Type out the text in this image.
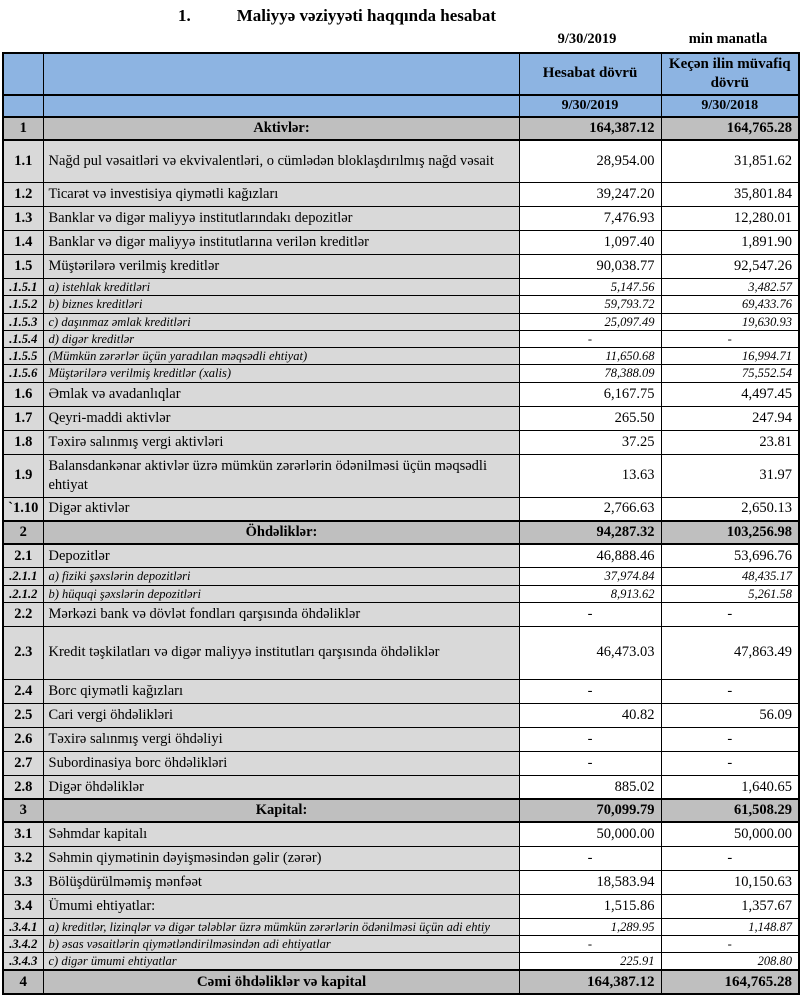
1.	Maliyyə vəziyyəti haqqında hesabat
9/30/2019	min manatla
		Hesabat dövrü	Keçən ilin müvafiq dövrü
		9/30/2019	9/30/2018
1	Aktivlər:	164,387.12	164,765.28
1.1	Nağd pul vəsaitləri və ekvivalentləri, o cümlədən bloklaşdırılmış nağd vəsait	28,954.00	31,851.62
1.2	Ticarət və investisiya qiymətli kağızları	39,247.20	35,801.84
1.3	Banklar və digər maliyyə institutlarındakı depozitlər	7,476.93	12,280.01
1.4	Banklar və digər maliyyə institutlarına verilən kreditlər	1,097.40	1,891.90
1.5	Müştərilərə verilmiş kreditlər	90,038.77	92,547.26
.1.5.1	a) istehlak kreditləri	5,147.56	3,482.57
.1.5.2	b) biznes kreditləri	59,793.72	69,433.76
.1.5.3	c) daşınmaz əmlak kreditləri	25,097.49	19,630.93
.1.5.4	d) digər kreditlər	-	-
.1.5.5	(Mümkün zərərlər üçün yaradılan məqsədli ehtiyat)	11,650.68	16,994.71
.1.5.6	Müştərilərə verilmiş kreditlər (xalis)	78,388.09	75,552.54
1.6	Əmlak və avadanlıqlar	6,167.75	4,497.45
1.7	Qeyri-maddi aktivlər	265.50	247.94
1.8	Təxirə salınmış vergi aktivləri	37.25	23.81
1.9	Balansdankənar aktivlər üzrə mümkün zərərlərin ödənilməsi üçün məqsədli ehtiyat	13.63	31.97
`1.10	Digər aktivlər	2,766.63	2,650.13
2	Öhdəliklər:	94,287.32	103,256.98
2.1	Depozitlər	46,888.46	53,696.76
.2.1.1	a) fiziki şəxslərin depozitləri	37,974.84	48,435.17
.2.1.2	b) hüquqi şəxslərin depozitləri	8,913.62	5,261.58
2.2	Mərkəzi bank və dövlət fondları qarşısında öhdəliklər	-	-
2.3	Kredit təşkilatları və digər maliyyə institutları qarşısında öhdəliklər	46,473.03	47,863.49
2.4	Borc qiymətli kağızları	-	-
2.5	Cari vergi öhdəlikləri	40.82	56.09
2.6	Təxirə salınmış vergi öhdəliyi	-	-
2.7	Subordinasiya borc öhdəlikləri	-	-
2.8	Digər öhdəliklər	885.02	1,640.65
3	Kapital:	70,099.79	61,508.29
3.1	Səhmdar kapitalı	50,000.00	50,000.00
3.2	Səhmin qiymətinin dəyişməsindən gəlir (zərər)	-	-
3.3	Bölüşdürülməmiş mənfəət	18,583.94	10,150.63
3.4	Ümumi ehtiyatlar:	1,515.86	1,357.67
.3.4.1	a) kreditlər, lizinqlər və digər tələblər üzrə mümkün zərərlərin ödənilməsi üçün adi ehtiy	1,289.95	1,148.87
.3.4.2	b) əsas vəsaitlərin qiymətləndirilməsindən adi ehtiyatlar	-	-
.3.4.3	c) digər ümumi ehtiyatlar	225.91	208.80
4	Cəmi öhdəliklər və kapital	164,387.12	164,765.28
